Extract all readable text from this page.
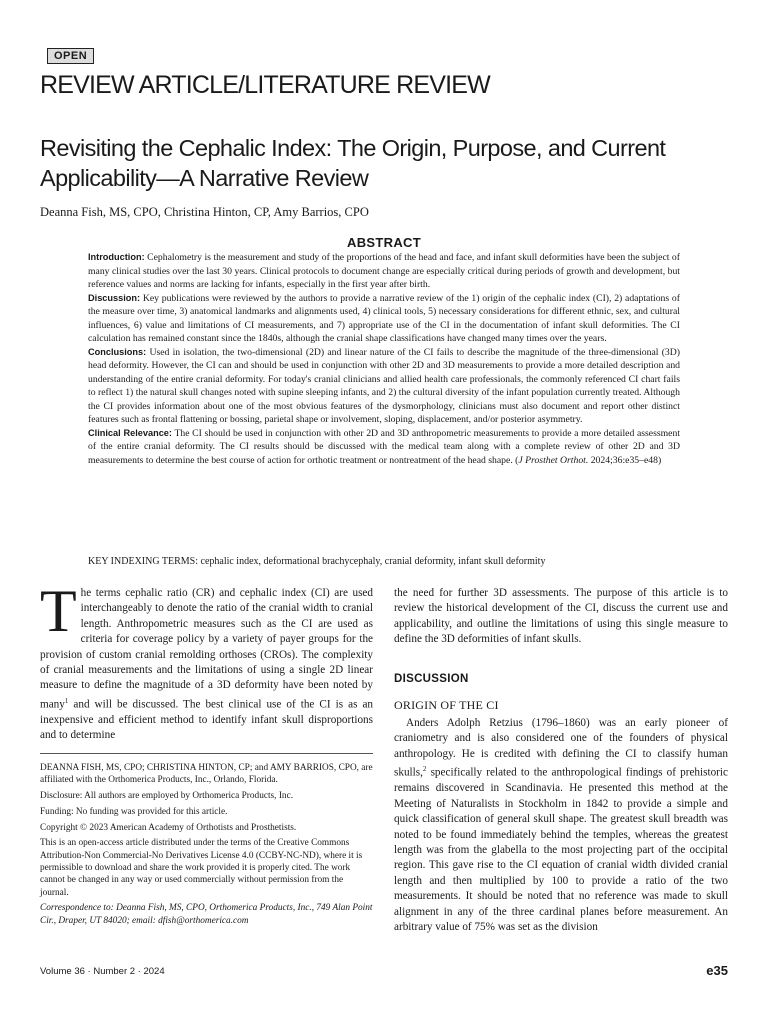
OPEN
REVIEW ARTICLE/LITERATURE REVIEW
Revisiting the Cephalic Index: The Origin, Purpose, and Current Applicability—A Narrative Review
Deanna Fish, MS, CPO, Christina Hinton, CP, Amy Barrios, CPO
ABSTRACT

Introduction: Cephalometry is the measurement and study of the proportions of the head and face, and infant skull deformities have been the subject of many clinical studies over the last 30 years. Clinical protocols to document change are especially critical during periods of growth and development, but reference values and norms are lacking for infants, especially in the first year after birth.

Discussion: Key publications were reviewed by the authors to provide a narrative review of the 1) origin of the cephalic index (CI), 2) adaptations of the measure over time, 3) anatomical landmarks and alignments used, 4) clinical tools, 5) necessary considerations for different ethnic, sex, and cultural influences, 6) value and limitations of CI measurements, and 7) appropriate use of the CI in the documentation of infant skull deformities. The CI calculation has remained constant since the 1840s, although the cranial shape classifications have changed many times over the years.

Conclusions: Used in isolation, the two-dimensional (2D) and linear nature of the CI fails to describe the magnitude of the three-dimensional (3D) head deformity. However, the CI can and should be used in conjunction with other 2D and 3D measurements to provide a more detailed description and understanding of the entire cranial deformity. For today's cranial clinicians and allied health care professionals, the commonly referenced CI chart fails to reflect 1) the natural skull changes noted with supine sleeping infants, and 2) the cultural diversity of the infant population currently treated. Although the CI provides information about one of the most obvious features of the dysmorphology, clinicians must also document and report other distinct features such as frontal flattening or bossing, parietal shape or involvement, sloping, displacement, and/or posterior asymmetry.

Clinical Relevance: The CI should be used in conjunction with other 2D and 3D anthropometric measurements to provide a more detailed assessment of the entire cranial deformity. The CI results should be discussed with the medical team along with a complete review of other 2D and 3D measurements to determine the best course of action for orthotic treatment or nontreatment of the head shape. (J Prosthet Orthot. 2024;36:e35–e48)

KEY INDEXING TERMS: cephalic index, deformational brachycephaly, cranial deformity, infant skull deformity

The terms cephalic ratio (CR) and cephalic index (CI) are used interchangeably to denote the ratio of the cranial width to cranial length. Anthropometric measures such as the CI are used as criteria for coverage policy by a variety of payer groups for the provision of custom cranial remolding orthoses (CROs). The complexity of cranial measurements and the limitations of using a single 2D linear measure to define the magnitude of a 3D deformity have been noted by many$^1$ and will be discussed. The best clinical use of the CI is as an inexpensive and efficient method to identify infant skull disproportions and to determine

DEANNA FISH, MS, CPO; CHRISTINA HINTON, CP; and AMY BARRIOS, CPO, are affiliated with the Orthomerica Products, Inc., Orlando, Florida.

Disclosure: All authors are employed by Orthomerica Products, Inc.

Funding: No funding was provided for this article.

Copyright © 2023 American Academy of Orthotists and Prosthetists.

This is an open-access article distributed under the terms of the Creative Commons Attribution-Non Commercial-No Derivatives License 4.0 (CCBY-NC-ND), where it is permissible to download and share the work provided it is properly cited. The work cannot be changed in any way or used commercially without permission from the journal.

Correspondence to: Deanna Fish, MS, CPO, Orthomerica Products, Inc., 749 Alan Point Cir., Draper, UT 84020; email: dfish@orthomerica.com

the need for further 3D assessments. The purpose of this article is to review the historical development of the CI, discuss the current use and applicability, and outline the limitations of using this single measure to define the 3D deformities of infant skulls.

DISCUSSION
ORIGIN OF THE CI

Anders Adolph Retzius (1796–1860) was an early pioneer of craniometry and is also considered one of the founders of physical anthropology. He is credited with defining the CI to classify human skulls,$^2$ specifically related to the anthropological findings of prehistoric remains discovered in Scandinavia. He presented this method at the Meeting of Naturalists in Stockholm in 1842 to provide a simple and quick classification of general skull shape. The greatest skull breadth was noted to be found immediately behind the temples, whereas the greatest length was from the glabella to the most projecting part of the occipital region. This gave rise to the CI equation of cranial width divided cranial length and then multiplied by 100 to provide a ratio of the two measurements. It should be noted that no reference was made to skull alignment in any of the three cardinal planes before measurement. An arbitrary value of 75% was set as the division

Volume 36 · Number 2 · 2024	e35
